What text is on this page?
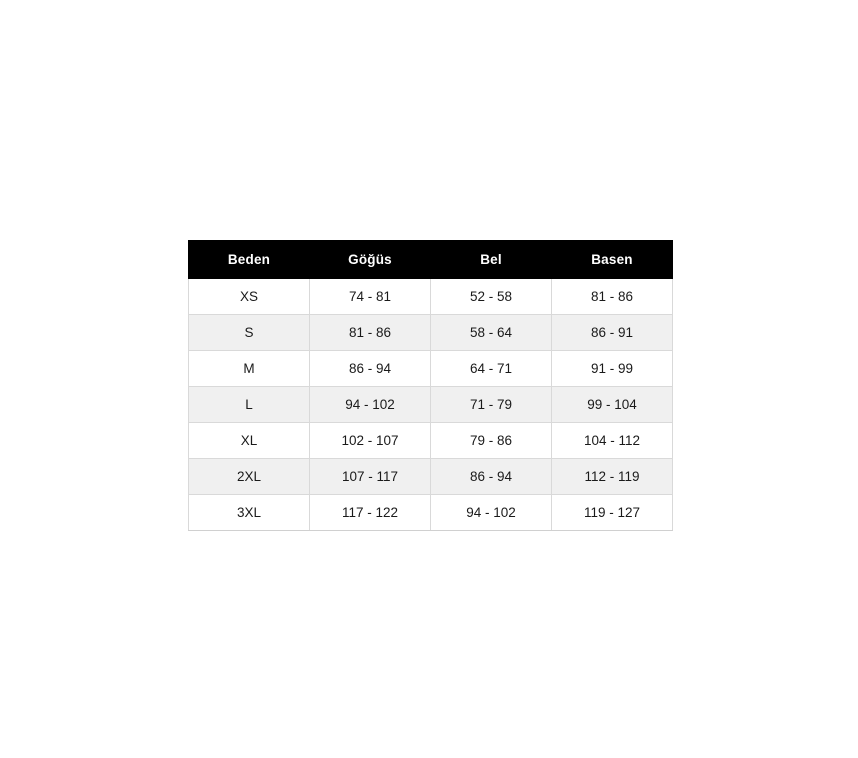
Beden	Göğüs	Bel	Basen
XS	74 - 81	52 - 58	81 - 86
S	81 - 86	58 - 64	86 - 91
M	86 - 94	64 - 71	91 - 99
L	94 - 102	71 - 79	99 - 104
XL	102 - 107	79 - 86	104 - 112
2XL	107 - 117	86 - 94	112 - 119
3XL	117 - 122	94 - 102	119 - 127
